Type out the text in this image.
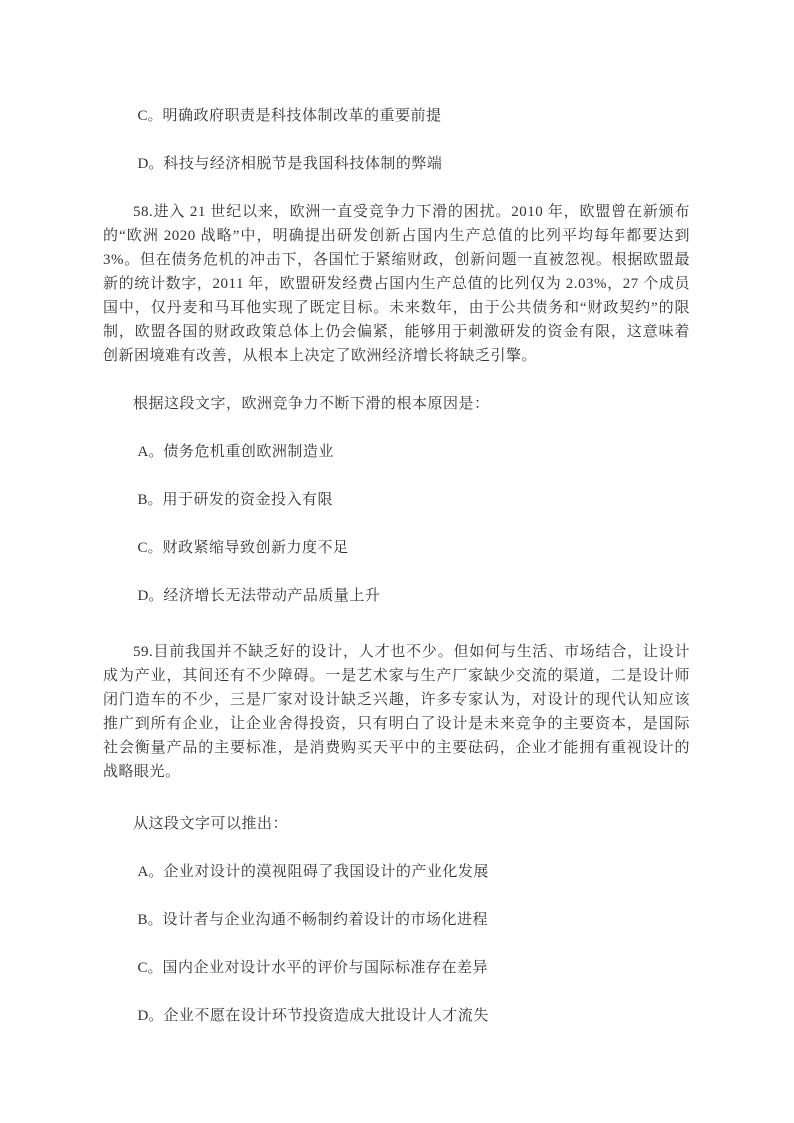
C。明确政府职责是科技体制改革的重要前提

D。科技与经济相脱节是我国科技体制的弊端

58.进入 21 世纪以来，欧洲一直受竞争力下滑的困扰。2010 年，欧盟曾在新颁布的“欧洲 2020 战略”中，明确提出研发创新占国内生产总值的比列平均每年都要达到 3%。但在债务危机的冲击下，各国忙于紧缩财政，创新问题一直被忽视。根据欧盟最新的统计数字，2011 年，欧盟研发经费占国内生产总值的比列仅为 2.03%，27 个成员国中，仅丹麦和马耳他实现了既定目标。未来数年，由于公共债务和“财政契约”的限制，欧盟各国的财政政策总体上仍会偏紧，能够用于刺激研发的资金有限，这意味着创新困境难有改善，从根本上决定了欧洲经济增长将缺乏引擎。

根据这段文字，欧洲竞争力不断下滑的根本原因是：

A。债务危机重创欧洲制造业

B。用于研发的资金投入有限

C。财政紧缩导致创新力度不足

D。经济增长无法带动产品质量上升

59.目前我国并不缺乏好的设计，人才也不少。但如何与生活、市场结合，让设计成为产业，其间还有不少障碍。一是艺术家与生产厂家缺少交流的渠道，二是设计师闭门造车的不少，三是厂家对设计缺乏兴趣，许多专家认为，对设计的现代认知应该推广到所有企业，让企业舍得投资，只有明白了设计是未来竞争的主要资本，是国际社会衡量产品的主要标准，是消费购买天平中的主要砝码，企业才能拥有重视设计的战略眼光。

从这段文字可以推出：

A。企业对设计的漠视阻碍了我国设计的产业化发展

B。设计者与企业沟通不畅制约着设计的市场化进程

C。国内企业对设计水平的评价与国际标准存在差异

D。企业不愿在设计环节投资造成大批设计人才流失
